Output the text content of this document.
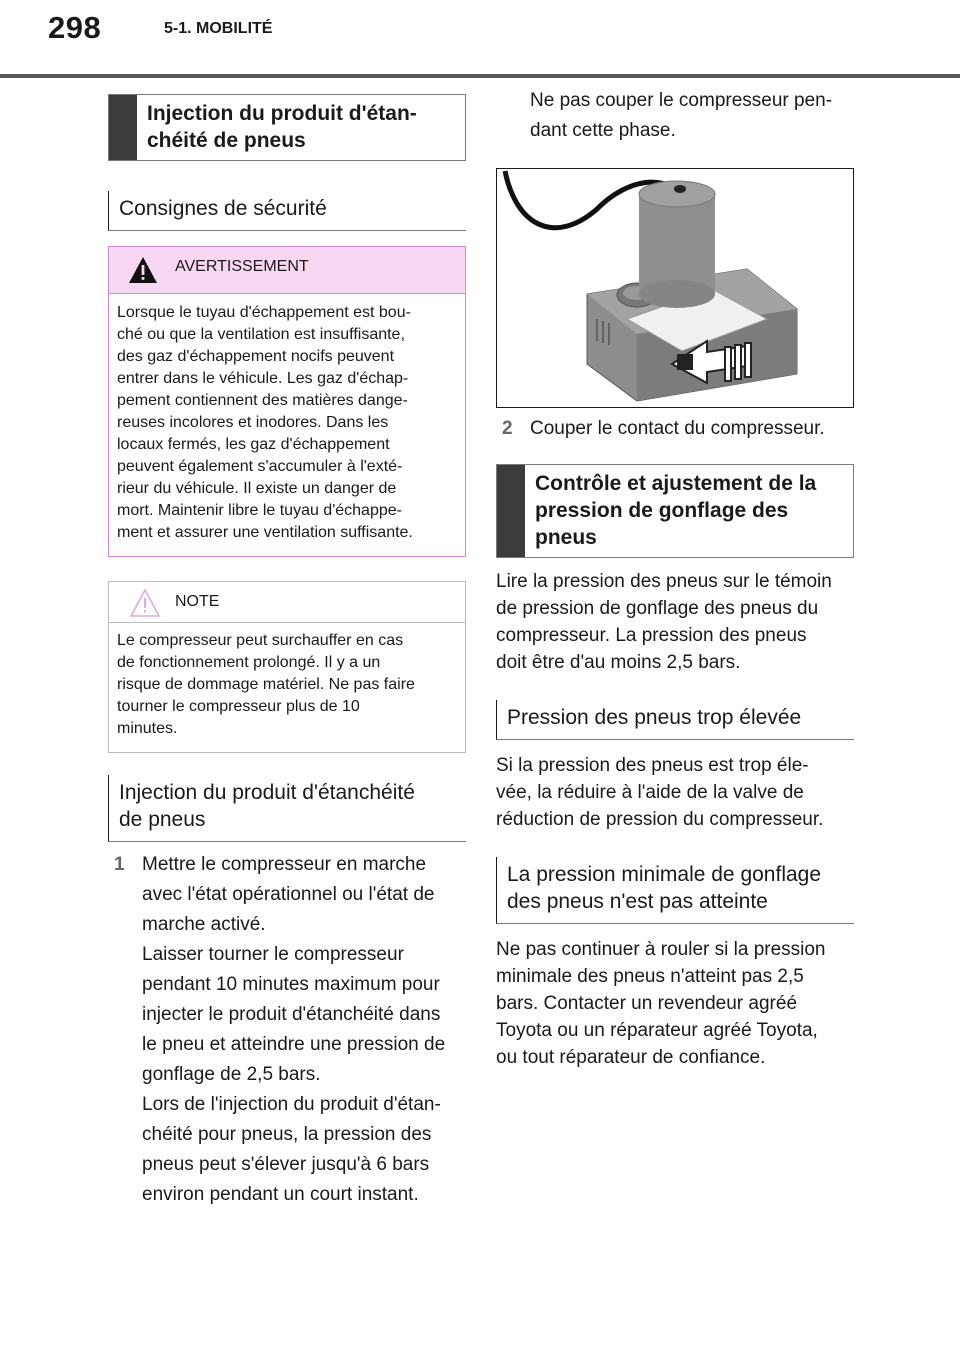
298	5-1. MOBILITÉ
Injection du produit d'étan-
chéité de pneus
Consignes de sécurité
AVERTISSEMENT
Lorsque le tuyau d'échappement est bou-
ché ou que la ventilation est insuffisante,
des gaz d'échappement nocifs peuvent
entrer dans le véhicule. Les gaz d'échap-
pement contiennent des matières dange-
reuses incolores et inodores. Dans les
locaux fermés, les gaz d'échappement
peuvent également s'accumuler à l'exté-
rieur du véhicule. Il existe un danger de
mort. Maintenir libre le tuyau d'échappe-
ment et assurer une ventilation suffisante.
NOTE
Le compresseur peut surchauffer en cas
de fonctionnement prolongé. Il y a un
risque de dommage matériel. Ne pas faire
tourner le compresseur plus de 10
minutes.
Injection du produit d'étanchéité
de pneus
1 Mettre le compresseur en marche
avec l'état opérationnel ou l'état de
marche activé.
Laisser tourner le compresseur
pendant 10 minutes maximum pour
injecter le produit d'étanchéité dans
le pneu et atteindre une pression de
gonflage de 2,5 bars.
Lors de l'injection du produit d'étan-
chéité pour pneus, la pression des
pneus peut s'élever jusqu'à 6 bars
environ pendant un court instant.
Ne pas couper le compresseur pen-
dant cette phase.
2 Couper le contact du compresseur.
Contrôle et ajustement de la
pression de gonflage des
pneus
Lire la pression des pneus sur le témoin
de pression de gonflage des pneus du
compresseur. La pression des pneus
doit être d'au moins 2,5 bars.
Pression des pneus trop élevée
Si la pression des pneus est trop éle-
vée, la réduire à l'aide de la valve de
réduction de pression du compresseur.
La pression minimale de gonflage
des pneus n'est pas atteinte
Ne pas continuer à rouler si la pression
minimale des pneus n'atteint pas 2,5
bars. Contacter un revendeur agréé
Toyota ou un réparateur agréé Toyota,
ou tout réparateur de confiance.
